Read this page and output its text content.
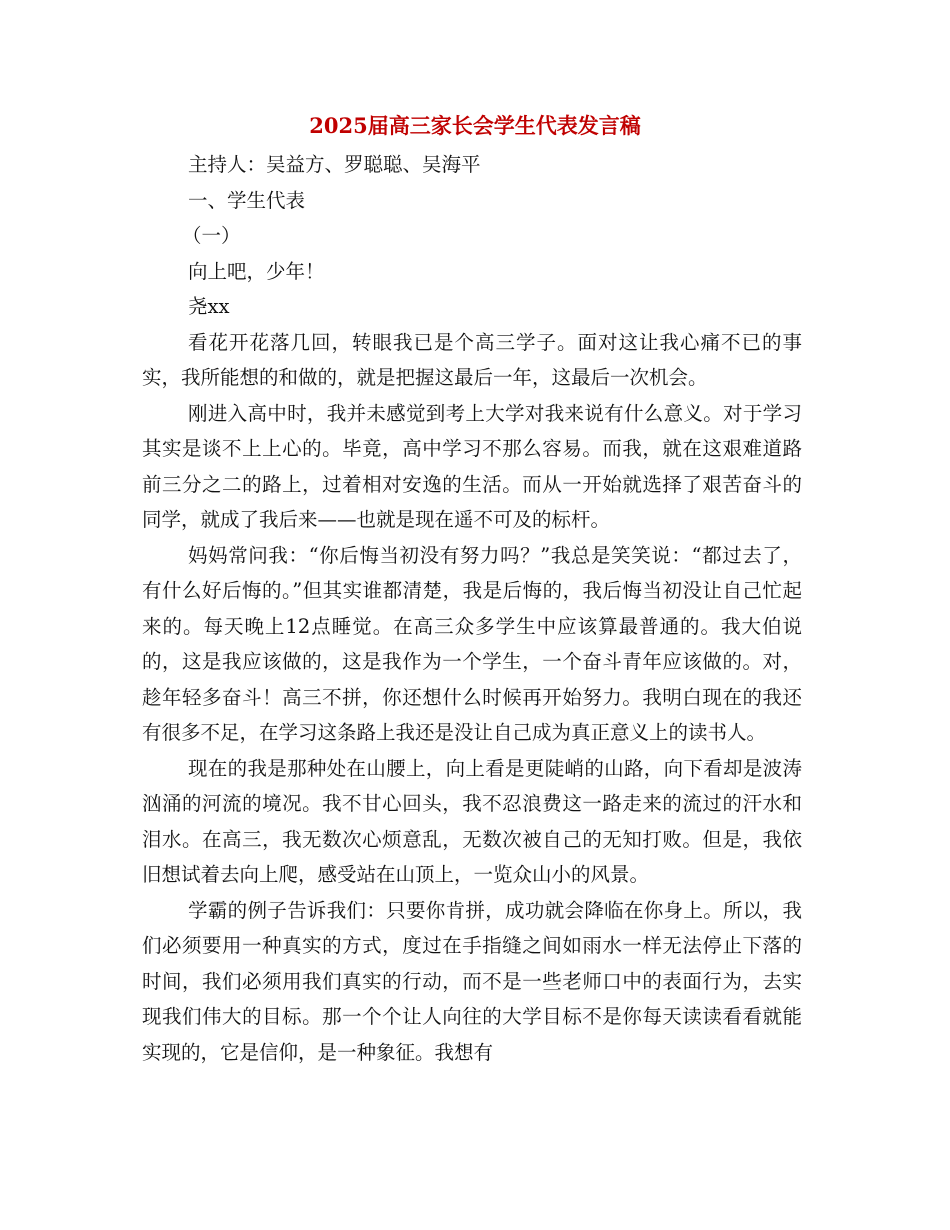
2025届高三家长会学生代表发言稿

主持人：吴益方、罗聪聪、吴海平

一、学生代表

（一）

向上吧，少年！

尧xx

看花开花落几回，转眼我已是个高三学子。面对这让我心痛不已的事实，我所能想的和做的，就是把握这最后一年，这最后一次机会。

刚进入高中时，我并未感觉到考上大学对我来说有什么意义。对于学习其实是谈不上上心的。毕竟，高中学习不那么容易。而我，就在这艰难道路前三分之二的路上，过着相对安逸的生活。而从一开始就选择了艰苦奋斗的同学，就成了我后来——也就是现在遥不可及的标杆。

妈妈常问我：“你后悔当初没有努力吗？”我总是笑笑说：“都过去了，有什么好后悔的。”但其实谁都清楚，我是后悔的，我后悔当初没让自己忙起来的。每天晚上12点睡觉。在高三众多学生中应该算最普通的。我大伯说的，这是我应该做的，这是我作为一个学生，一个奋斗青年应该做的。对，趁年轻多奋斗！高三不拼，你还想什么时候再开始努力。我明白现在的我还有很多不足，在学习这条路上我还是没让自己成为真正意义上的读书人。

现在的我是那种处在山腰上，向上看是更陡峭的山路，向下看却是波涛汹涌的河流的境况。我不甘心回头，我不忍浪费这一路走来的流过的汗水和泪水。在高三，我无数次心烦意乱，无数次被自己的无知打败。但是，我依旧想试着去向上爬，感受站在山顶上，一览众山小的风景。

学霸的例子告诉我们：只要你肯拼，成功就会降临在你身上。所以，我们必须要用一种真实的方式，度过在手指缝之间如雨水一样无法停止下落的时间，我们必须用我们真实的行动，而不是一些老师口中的表面行为，去实现我们伟大的目标。那一个个让人向往的大学目标不是你每天读读看看就能实现的，它是信仰，是一种象征。我想有
